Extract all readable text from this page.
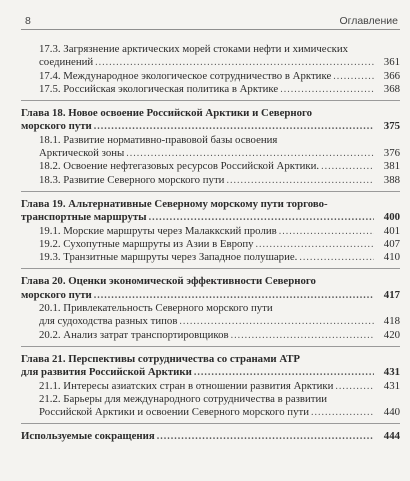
8	Оглавление
17.3. Загрязнение арктических морей стоками нефти и химических
соединений .....	361
17.4. Международное экологическое сотрудничество в Арктике .....	366
17.5. Российская экологическая политика в Арктике .....	368
Глава 18. Новое освоение Российской Арктики и Северного
морского пути .....	375
18.1. Развитие нормативно-правовой базы освоения
Арктической зоны .....	376
18.2. Освоение нефтегазовых ресурсов Российской Арктики. .....	381
18.3. Развитие Северного морского пути .....	388
Глава 19. Альтернативные Северному морскому пути торгово-
транспортные маршруты .....	400
19.1. Морские маршруты через Малаккский пролив .....	401
19.2. Сухопутные маршруты из Азии в Европу .....	407
19.3. Транзитные маршруты через Западное полушарие. .....	410
Глава 20. Оценки экономической эффективности Северного
морского пути .....	417
20.1. Привлекательность Северного морского пути
для судоходства разных типов .....	418
20.2. Анализ затрат транспортировщиков .....	420
Глава 21. Перспективы сотрудничества со странами АТР
для развития Российской Арктики .....	431
21.1. Интересы азиатских стран в отношении развития Арктики .....	431
21.2. Барьеры для международного сотрудничества в развитии
Российской Арктики и освоении Северного морского пути .....	440
Используемые сокращения .....	444
